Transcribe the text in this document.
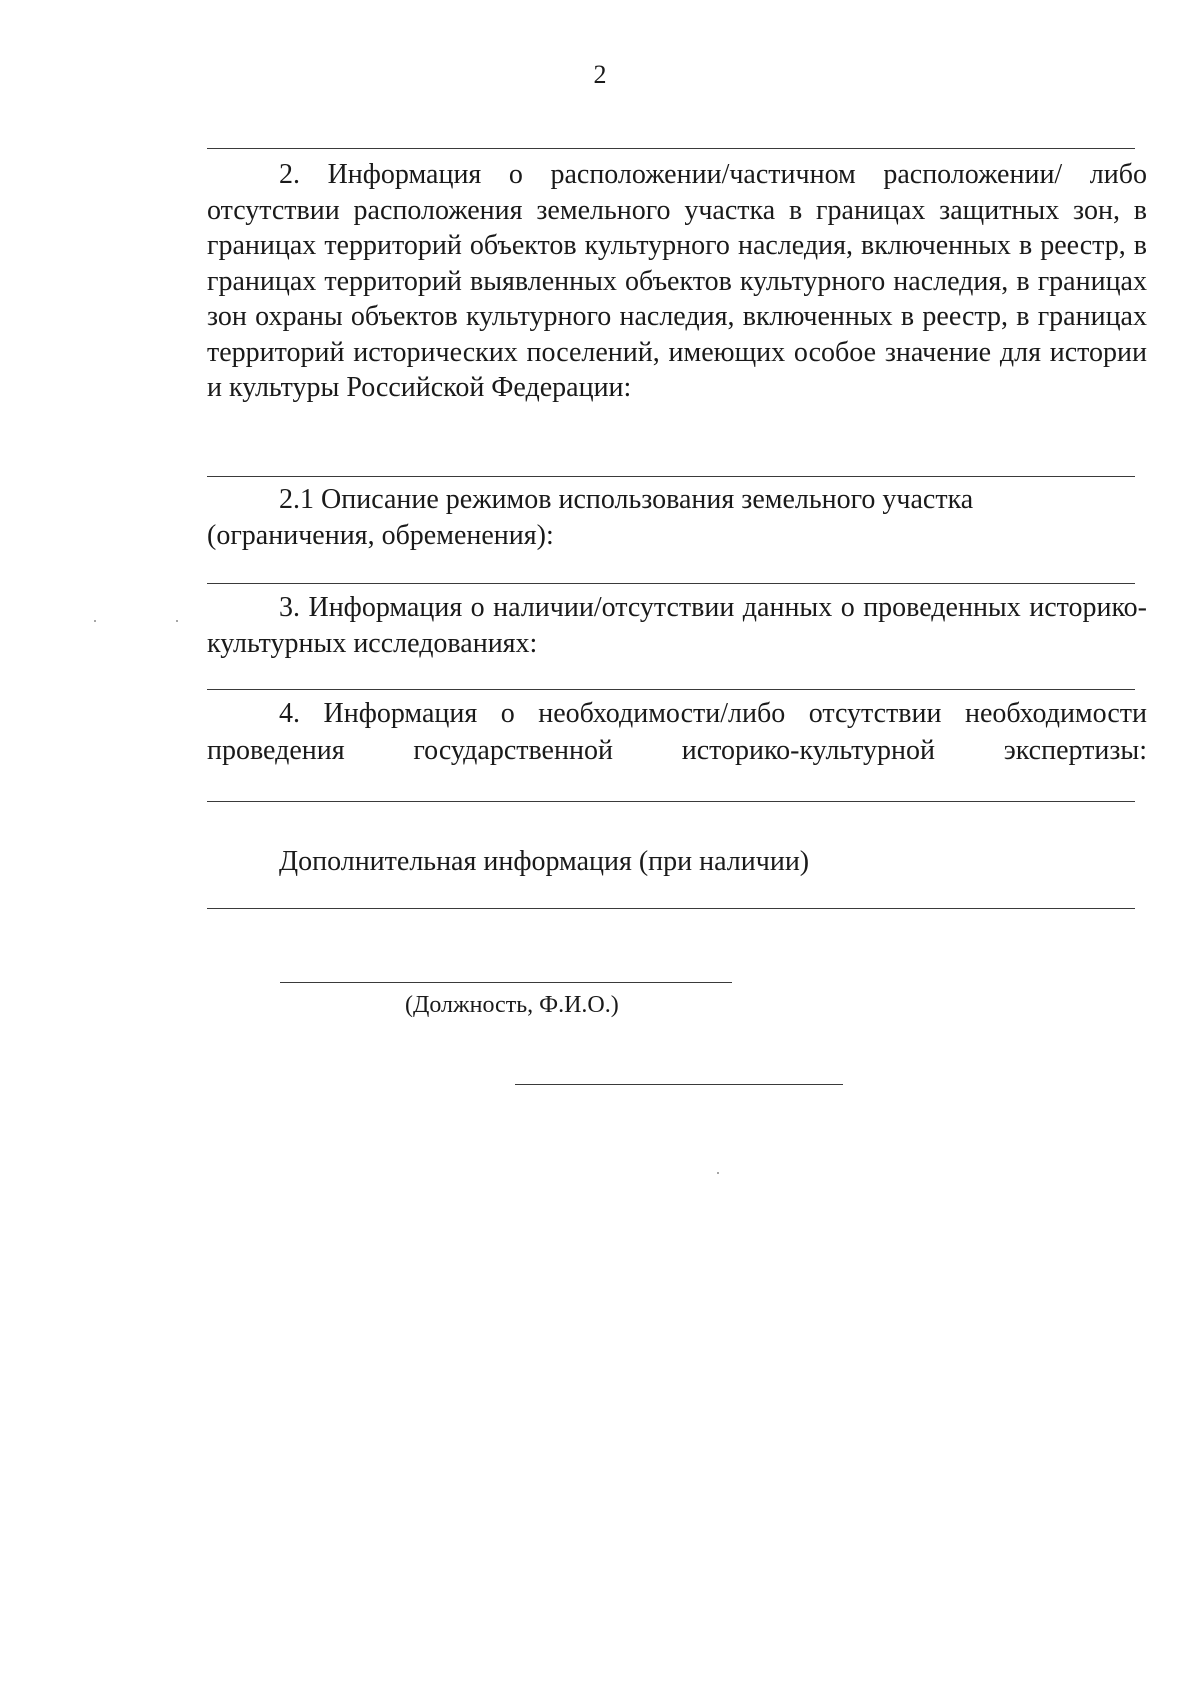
2

2. Информация о расположении/частичном расположении/ либо отсутствии расположения земельного участка в границах защитных зон, в границах территорий объектов культурного наследия, включенных в реестр, в границах территорий выявленных объектов культурного наследия, в границах зон охраны объектов культурного наследия, включенных в реестр, в границах территорий исторических поселений, имеющих особое значение для истории и культуры Российской Федерации:

2.1 Описание режимов использования земельного участка

(ограничения, обременения):

3. Информация о наличии/отсутствии данных о проведенных историко-культурных исследованиях:

4. Информация о необходимости/либо отсутствии необходимости

проведения государственной историко-культурной экспертизы:

Дополнительная информация (при наличии)

(Должность, Ф.И.О.)
